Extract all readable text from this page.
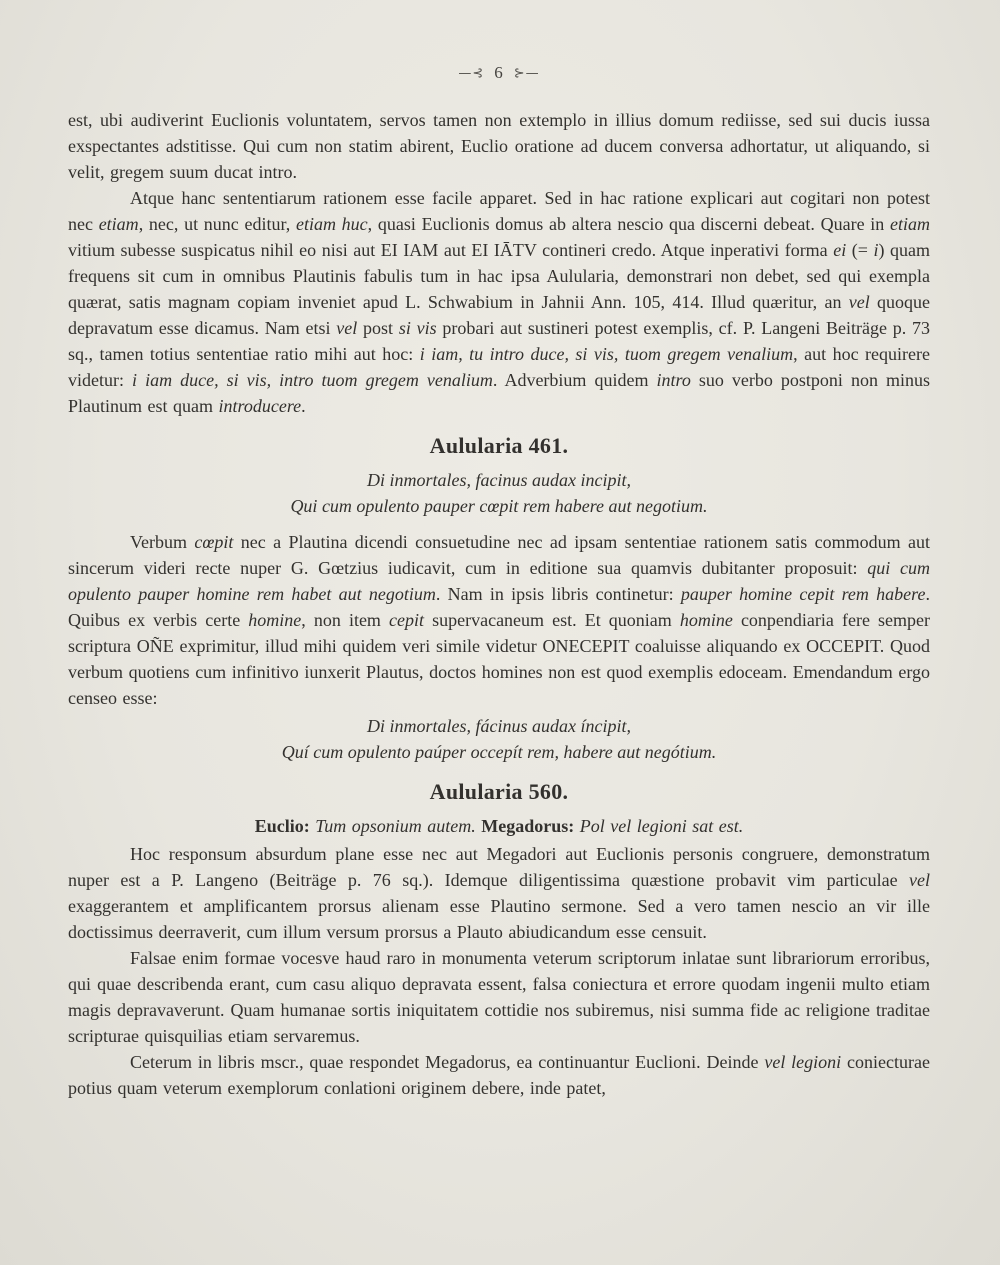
—⊰ 6 ⊱—

est, ubi audiverint Euclionis voluntatem, servos tamen non extemplo in illius domum rediisse, sed sui ducis iussa exspectantes adstitisse. Qui cum non statim abirent, Euclio oratione ad ducem conversa adhortatur, ut aliquando, si velit, gregem suum ducat intro.

Atque hanc sententiarum rationem esse facile apparet. Sed in hac ratione explicari aut cogitari non potest nec etiam, nec, ut nunc editur, etiam huc, quasi Euclionis domus ab altera nescio qua discerni debeat. Quare in etiam vitium subesse suspicatus nihil eo nisi aut EI IAM aut EI IĀTV contineri credo. Atque inperativi forma ei (= i) quam frequens sit cum in omnibus Plautinis fabulis tum in hac ipsa Aulularia, demonstrari non debet, sed qui exempla quærat, satis magnam copiam inveniet apud L. Schwabium in Jahnii Ann. 105, 414. Illud quæritur, an vel quoque depravatum esse dicamus. Nam etsi vel post si vis probari aut sustineri potest exemplis, cf. P. Langeni Beiträge p. 73 sq., tamen totius sententiae ratio mihi aut hoc: i iam, tu intro duce, si vis, tuom gregem venalium, aut hoc requirere videtur: i iam duce, si vis, intro tuom gregem venalium. Adverbium quidem intro suo verbo postponi non minus Plautinum est quam introducere.

Aulularia 461.
Di inmortales, facinus audax incipit,
Qui cum opulento pauper cœpit rem habere aut negotium.

Verbum cœpit nec a Plautina dicendi consuetudine nec ad ipsam sententiae rationem satis commodum aut sincerum videri recte nuper G. Gœtzius iudicavit, cum in editione sua quamvis dubitanter proposuit: qui cum opulento pauper homine rem habet aut negotium. Nam in ipsis libris continetur: pauper homine cepit rem habere. Quibus ex verbis certe homine, non item cepit supervacaneum est. Et quoniam homine conpendiaria fere semper scriptura OÑE exprimitur, illud mihi quidem veri simile videtur ONECEPIT coaluisse aliquando ex OCCEPIT. Quod verbum quotiens cum infinitivo iunxerit Plautus, doctos homines non est quod exemplis edoceam. Emendandum ergo censeo esse:

Di inmortales, fácinus audax íncipit,
Quí cum opulento paúper occepít rem, habere aut negótium.
Aulularia 560.

Euclio: Tum opsonium autem. Megadorus: Pol vel legioni sat est.

Hoc responsum absurdum plane esse nec aut Megadori aut Euclionis personis congruere, demonstratum nuper est a P. Langeno (Beiträge p. 76 sq.). Idemque diligentissima quæstione probavit vim particulae vel exaggerantem et amplificantem prorsus alienam esse Plautino sermone. Sed a vero tamen nescio an vir ille doctissimus deerraverit, cum illum versum prorsus a Plauto abiudicandum esse censuit.

Falsae enim formae vocesve haud raro in monumenta veterum scriptorum inlatae sunt librariorum erroribus, qui quae describenda erant, cum casu aliquo depravata essent, falsa coniectura et errore quodam ingenii multo etiam magis depravaverunt. Quam humanae sortis iniquitatem cottidie nos subiremus, nisi summa fide ac religione traditae scripturae quisquilias etiam servaremus.

Ceterum in libris mscr., quae respondet Megadorus, ea continuantur Euclioni. Deinde vel legioni coniecturae potius quam veterum exemplorum conlationi originem debere, inde patet,
